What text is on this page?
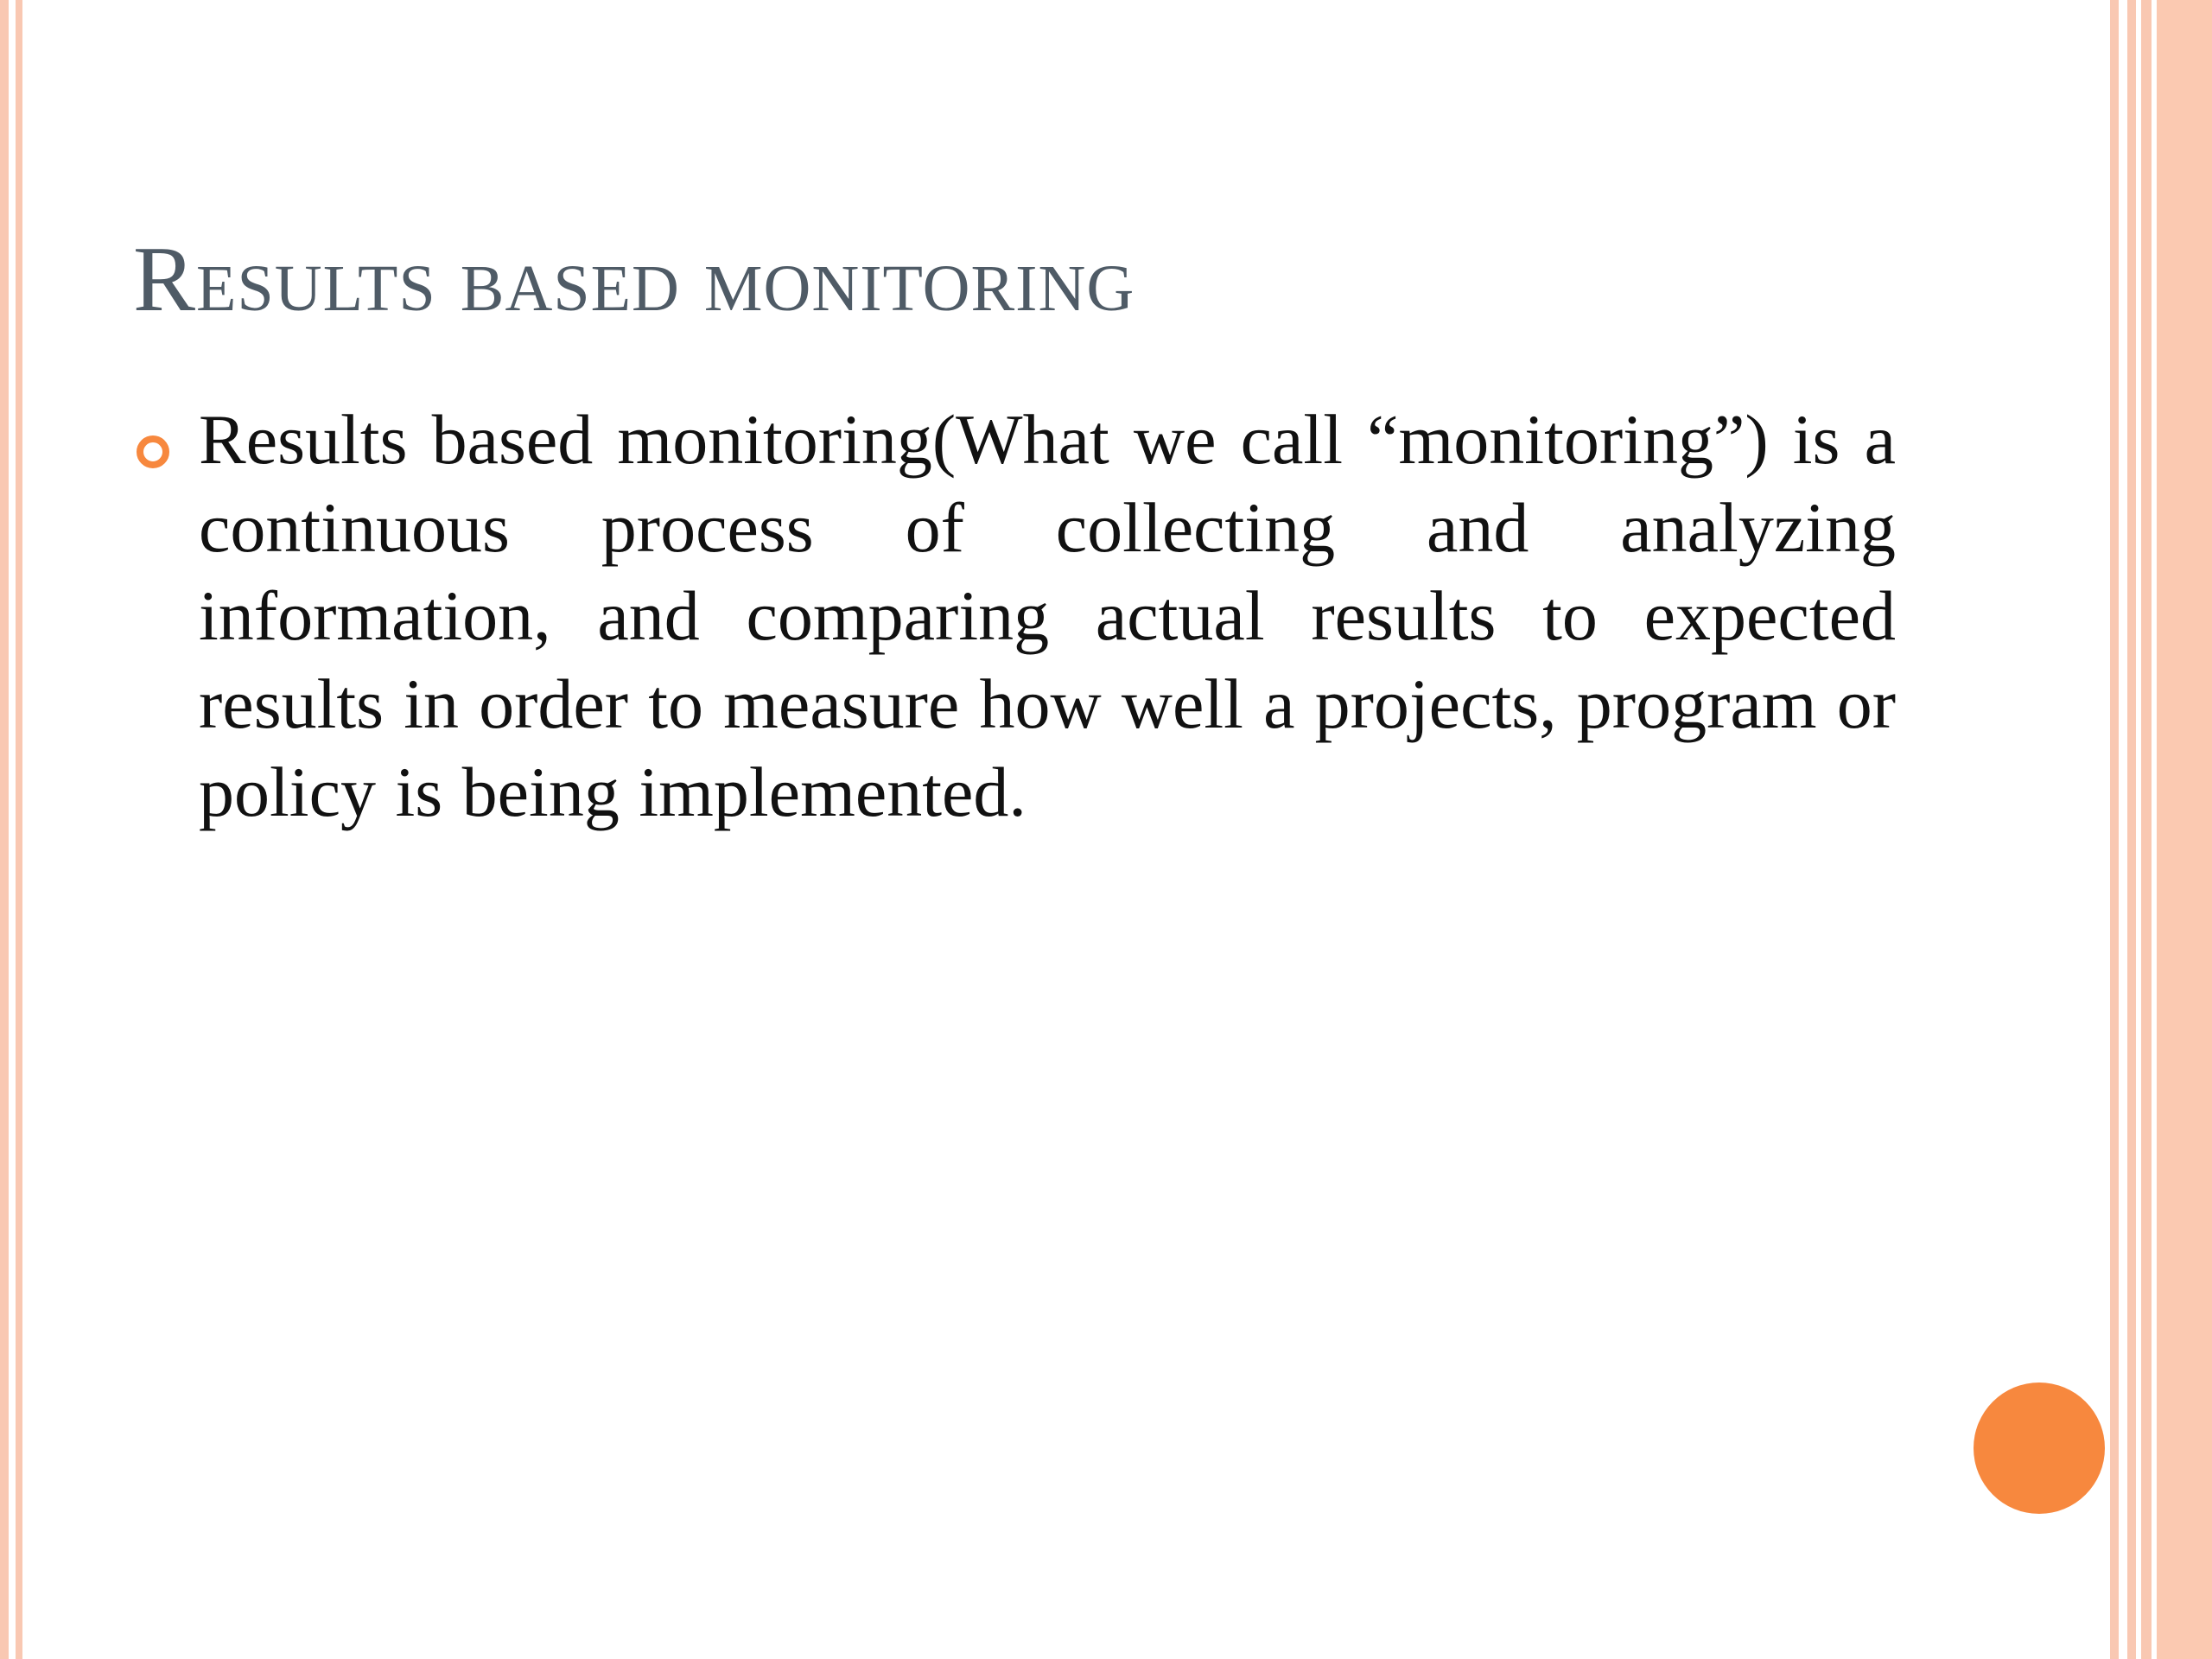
Results based monitoring
Results based monitoring(What we call “monitoring”) is a continuous process of collecting and analyzing information, and comparing actual results to expected results in order to measure how well a projects, program or policy is being implemented.
